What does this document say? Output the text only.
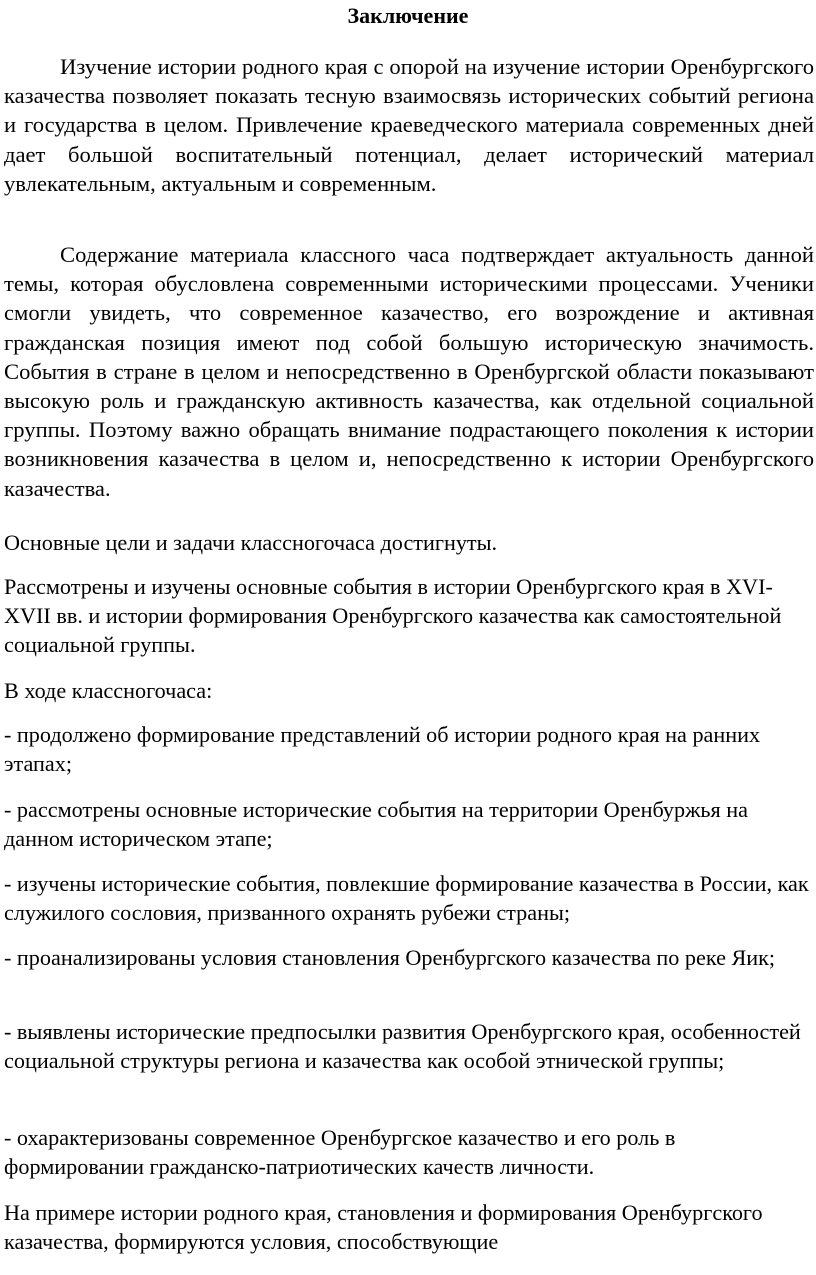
Заключение

Изучение истории родного края с опорой на изучение истории Оренбургского казачества позволяет показать тесную взаимосвязь исторических событий региона и государства в целом. Привлечение краеведческого материала современных дней дает большой воспитательный потенциал, делает исторический материал увлекательным, актуальным и современным.

Содержание материала классного часа подтверждает актуальность данной темы, которая обусловлена современными историческими процессами. Ученики смогли увидеть, что современное казачество, его возрождение и активная гражданская позиция имеют под собой большую историческую значимость. События в стране в целом и непосредственно в Оренбургской области показывают высокую роль и гражданскую активность казачества, как отдельной социальной группы. Поэтому важно обращать внимание подрастающего поколения к истории возникновения казачества в целом и, непосредственно к истории Оренбургского казачества.

Основные цели и задачи классногочаса достигнуты.

Рассмотрены и изучены основные события в истории Оренбургского края в XVI-XVII вв. и истории формирования Оренбургского казачества как самостоятельной социальной группы.

В ходе классногочаса:

- продолжено формирование представлений об истории родного края на ранних этапах;

- рассмотрены основные исторические события на территории Оренбуржья на данном историческом этапе;

- изучены исторические события, повлекшие формирование казачества в России, как служилого сословия, призванного охранять рубежи страны;

- проанализированы условия становления Оренбургского казачества по реке Яик;

- выявлены исторические предпосылки развития Оренбургского края, особенностей социальной структуры региона и казачества как особой этнической группы;

- охарактеризованы современное Оренбургское казачество и его роль в формировании гражданско-патриотических качеств личности.

На примере истории родного края, становления и формирования Оренбургского казачества, формируются условия, способствующие
